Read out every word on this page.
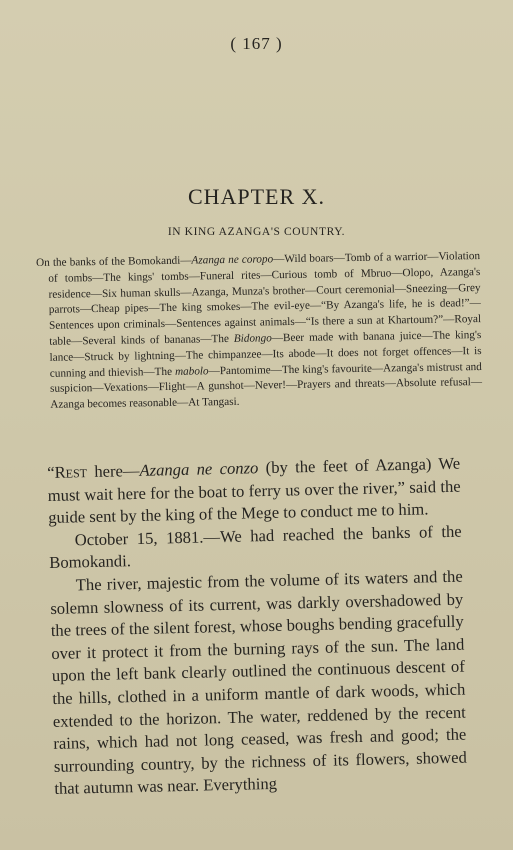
( 167 )
CHAPTER X.
IN KING AZANGA'S COUNTRY.
On the banks of the Bomokandi—Azanga ne coropo—Wild boars—Tomb of a warrior—Violation of tombs—The kings' tombs—Funeral rites—Curious tomb of Mbruo—Olopo, Azanga's residence—Six human skulls—Azanga, Munza's brother—Court ceremonial—Sneezing—Grey parrots—Cheap pipes—The king smokes—The evil-eye—“By Azanga's life, he is dead!”—Sentences upon criminals—Sentences against animals—“Is there a sun at Khartoum?”—Royal table—Several kinds of bananas—The Bidongo—Beer made with banana juice—The king's lance—Struck by lightning—The chimpanzee—Its abode—It does not forget offences—It is cunning and thievish—The mabolo—Pantomime—The king's favourite—Azanga's mistrust and suspicion—Vexations—Flight—A gunshot—Never!—Prayers and threats—Absolute refusal—Azanga becomes reasonable—At Tangasi.

“Rest here—Azanga ne conzo (by the feet of Azanga) We must wait here for the boat to ferry us over the river,” said the guide sent by the king of the Mege to conduct me to him.

October 15, 1881.—We had reached the banks of the Bomokandi.

The river, majestic from the volume of its waters and the solemn slowness of its current, was darkly overshadowed by the trees of the silent forest, whose boughs bending gracefully over it protect it from the burning rays of the sun. The land upon the left bank clearly outlined the continuous descent of the hills, clothed in a uniform mantle of dark woods, which extended to the horizon. The water, reddened by the recent rains, which had not long ceased, was fresh and good; the surrounding country, by the richness of its flowers, showed that autumn was near. Everything
